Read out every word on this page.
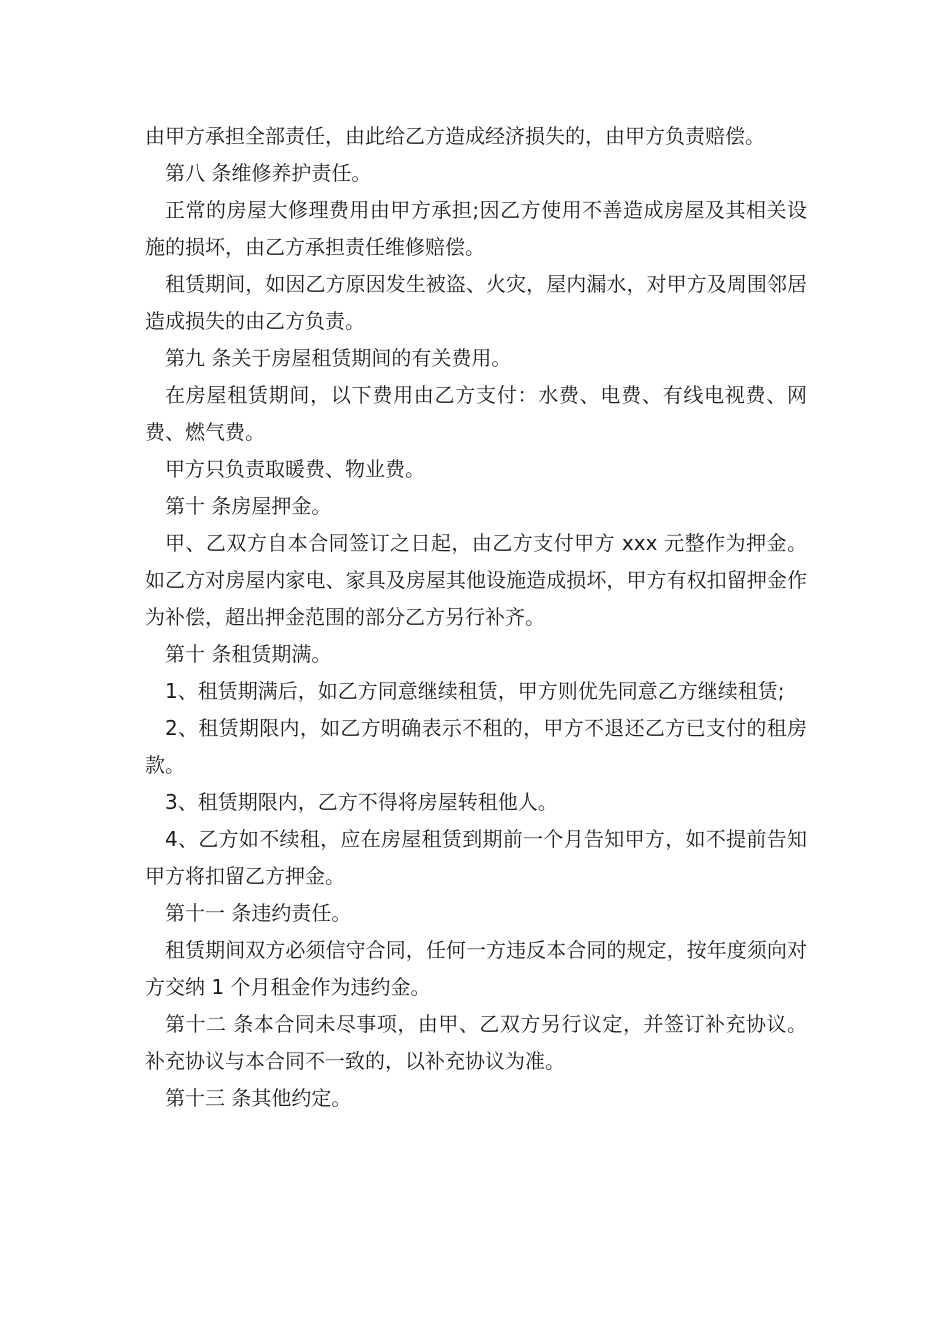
由甲方承担全部责任，由此给乙方造成经济损失的，由甲方负责赔偿。

第八 条维修养护责任。

正常的房屋大修理费用由甲方承担;因乙方使用不善造成房屋及其相关设施的损坏，由乙方承担责任维修赔偿。

租赁期间，如因乙方原因发生被盗、火灾，屋内漏水，对甲方及周围邻居造成损失的由乙方负责。

第九 条关于房屋租赁期间的有关费用。

在房屋租赁期间，以下费用由乙方支付：水费、电费、有线电视费、网费、燃气费。

甲方只负责取暖费、物业费。

第十 条房屋押金。

甲、乙双方自本合同签订之日起，由乙方支付甲方 xxx 元整作为押金。如乙方对房屋内家电、家具及房屋其他设施造成损坏，甲方有权扣留押金作为补偿，超出押金范围的部分乙方另行补齐。

第十 条租赁期满。

1、租赁期满后，如乙方同意继续租赁，甲方则优先同意乙方继续租赁;

2、租赁期限内，如乙方明确表示不租的，甲方不退还乙方已支付的租房款。

3、租赁期限内，乙方不得将房屋转租他人。

4、乙方如不续租，应在房屋租赁到期前一个月告知甲方，如不提前告知甲方将扣留乙方押金。

第十一 条违约责任。

租赁期间双方必须信守合同，任何一方违反本合同的规定，按年度须向对方交纳 1 个月租金作为违约金。

第十二 条本合同未尽事项，由甲、乙双方另行议定，并签订补充协议。补充协议与本合同不一致的，以补充协议为准。

第十三 条其他约定。
